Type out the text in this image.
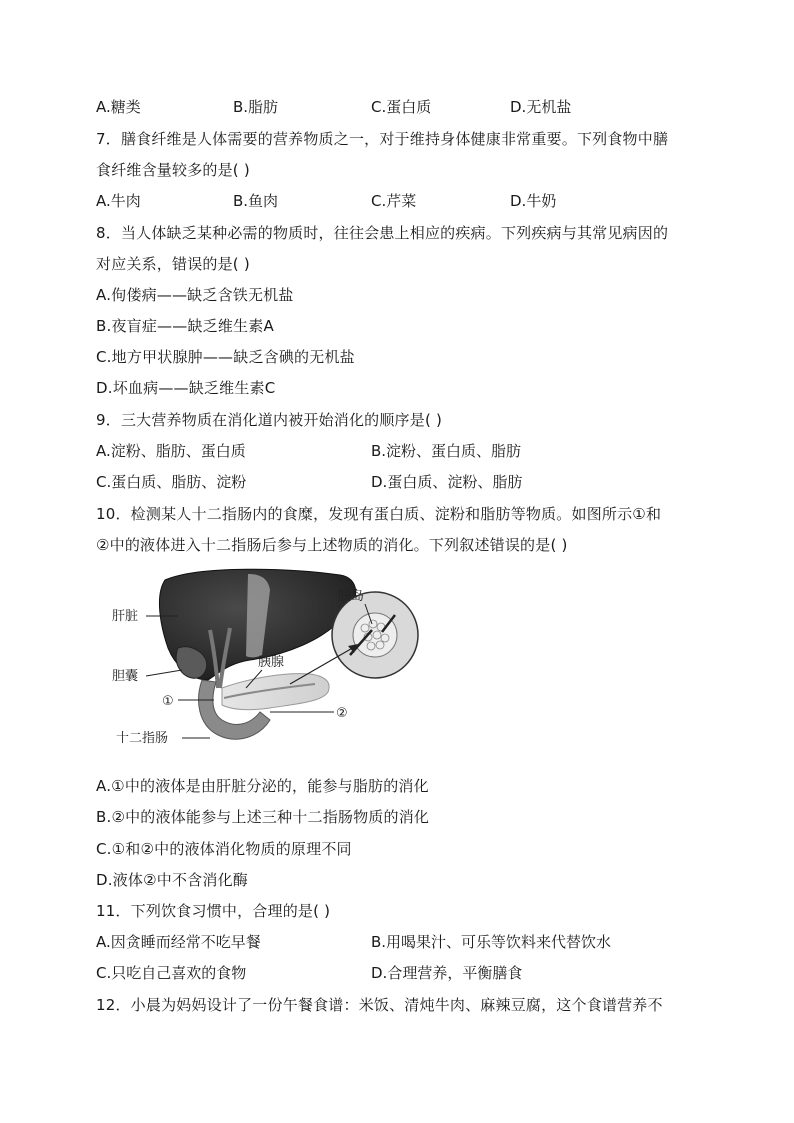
A.糖类	B.脂肪	C.蛋白质	D.无机盐
7．膳食纤维是人体需要的营养物质之一，对于维持身体健康非常重要。下列食物中膳
食纤维含量较多的是( )
A.牛肉	B.鱼肉	C.芹菜	D.牛奶
8．当人体缺乏某种必需的物质时，往往会患上相应的疾病。下列疾病与其常见病因的
对应关系，错误的是( )
A.佝偻病——缺乏含铁无机盐
B.夜盲症——缺乏维生素A
C.地方甲状腺肿——缺乏含碘的无机盐
D.坏血病——缺乏维生素C
9．三大营养物质在消化道内被开始消化的顺序是( )
A.淀粉、脂肪、蛋白质	B.淀粉、蛋白质、脂肪
C.蛋白质、脂肪、淀粉	D.蛋白质、淀粉、脂肪
10．检测某人十二指肠内的食糜，发现有蛋白质、淀粉和脂肪等物质。如图所示①和
②中的液体进入十二指肠后参与上述物质的消化。下列叙述错误的是( )
肝脏
胆囊
十二指肠
胰腺
胰岛
①
②
A.①中的液体是由肝脏分泌的，能参与脂肪的消化
B.②中的液体能参与上述三种十二指肠物质的消化
C.①和②中的液体消化物质的原理不同
D.液体②中不含消化酶
11．下列饮食习惯中，合理的是( )
A.因贪睡而经常不吃早餐	B.用喝果汁、可乐等饮料来代替饮水
C.只吃自己喜欢的食物	D.合理营养，平衡膳食
12．小晨为妈妈设计了一份午餐食谱：米饭、清炖牛肉、麻辣豆腐，这个食谱营养不
